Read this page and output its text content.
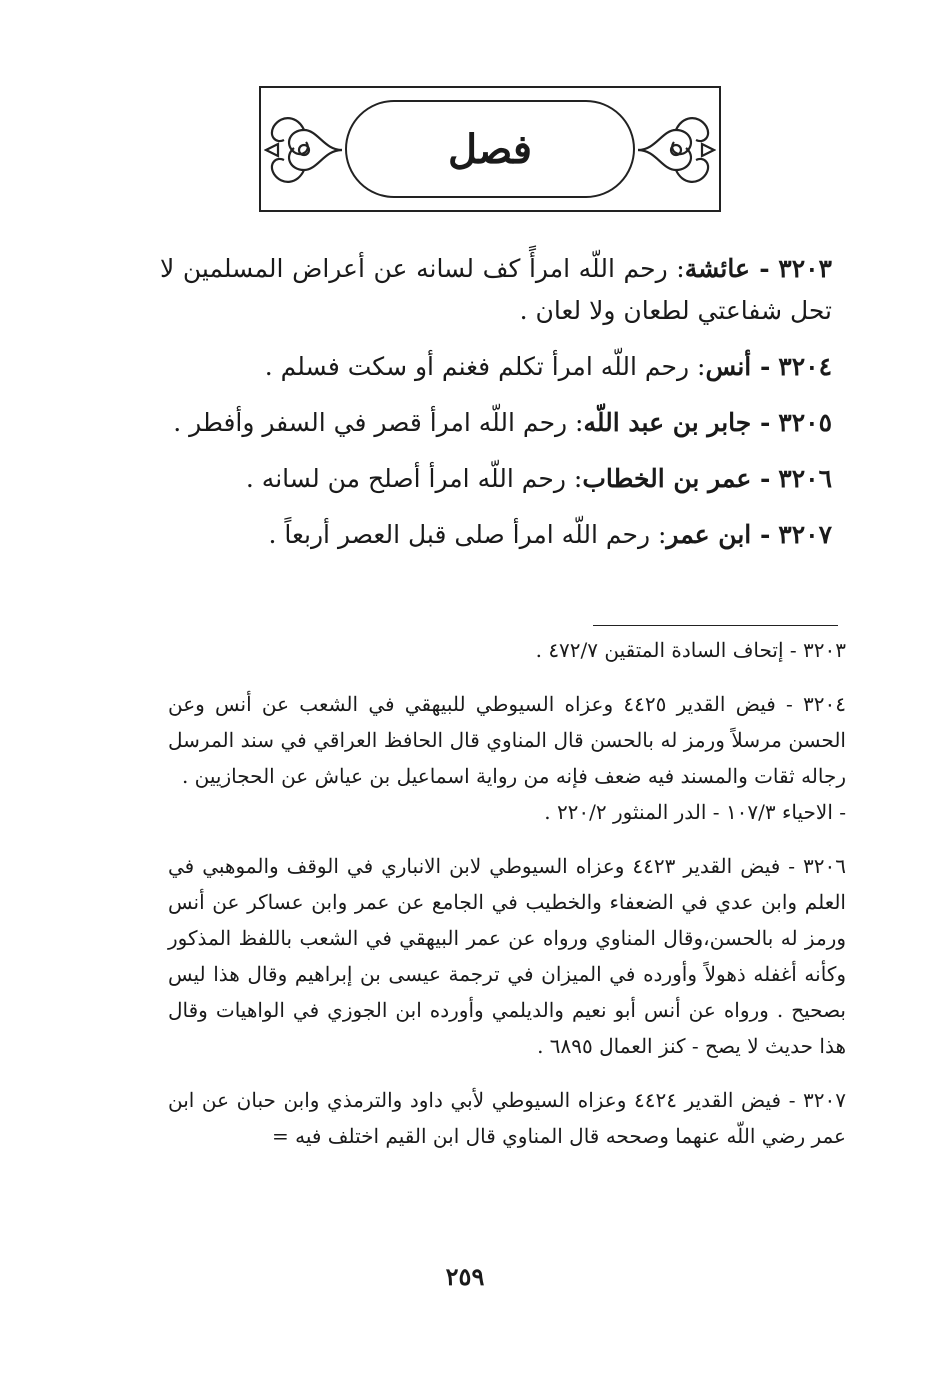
فصل

٣٢٠٣ - عائشة: رحم اللّه امرأً كف لسانه عن أعراض المسلمين لا تحل شفاعتي لطعان ولا لعان .

٣٢٠٤ - أنس: رحم اللّه امرأ تكلم فغنم أو سكت فسلم .

٣٢٠٥ - جابر بن عبد اللّه: رحم اللّه امرأ قصر في السفر وأفطر .

٣٢٠٦ - عمر بن الخطاب: رحم اللّه امرأ أصلح من لسانه .

٣٢٠٧ - ابن عمر: رحم اللّه امرأ صلى قبل العصر أربعاً .

٣٢٠٣ - إتحاف السادة المتقين ٤٧٢/٧ .

٣٢٠٤ - فيض القدير ٤٤٢٥ وعزاه السيوطي للبيهقي في الشعب عن أنس وعن الحسن مرسلاً ورمز له بالحسن قال المناوي قال الحافظ العراقي في سند المرسل رجاله ثقات والمسند فيه ضعف فإنه من رواية اسماعيل بن عياش عن الحجازيين .
- الاحياء ١٠٧/٣ - الدر المنثور ٢٢٠/٢ .

٣٢٠٦ - فيض القدير ٤٤٢٣ وعزاه السيوطي لابن الانباري في الوقف والموهبي في العلم وابن عدي في الضعفاء والخطيب في الجامع عن عمر وابن عساكر عن أنس ورمز له بالحسن،وقال المناوي ورواه عن عمر البيهقي في الشعب باللفظ المذكور وكأنه أغفله ذهولاً وأورده في الميزان في ترجمة عيسى بن إبراهيم وقال هذا ليس بصحيح . ورواه عن أنس أبو نعيم والديلمي وأورده ابن الجوزي في الواهيات وقال هذا حديث لا يصح - كنز العمال ٦٨٩٥ .

٣٢٠٧ - فيض القدير ٤٤٢٤ وعزاه السيوطي لأبي داود والترمذي وابن حبان عن ابن عمر رضي اللّه عنهما وصححه قال المناوي قال ابن القيم اختلف فيه =

٢٥٩
